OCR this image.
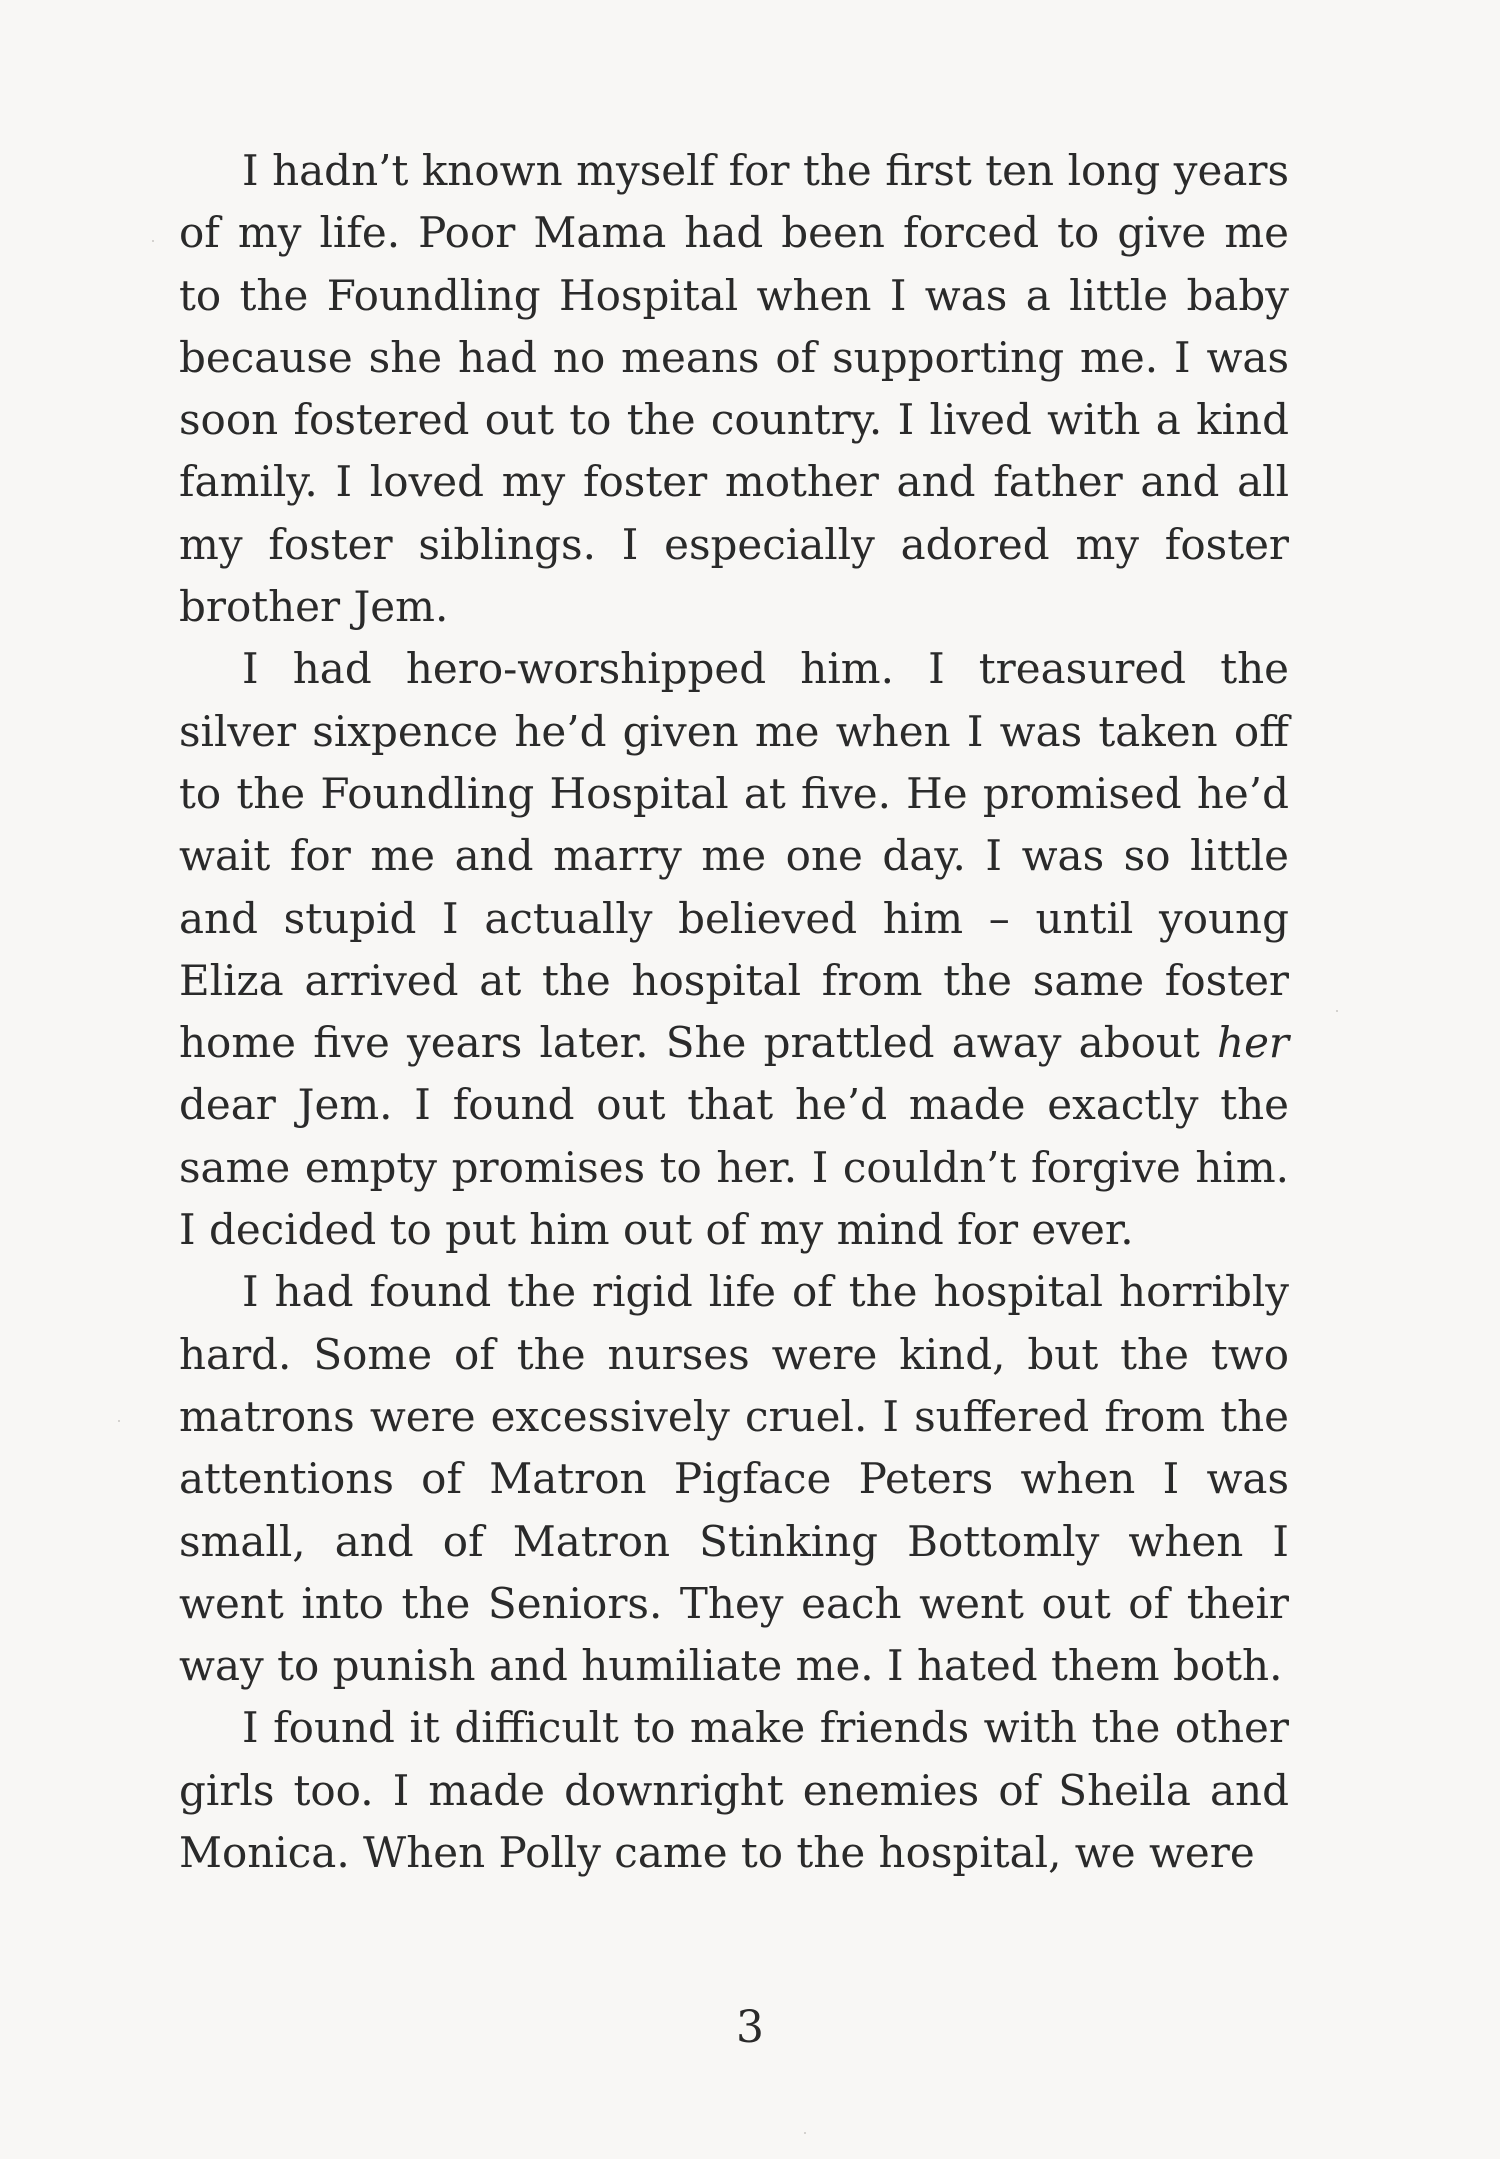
I hadn’t known myself for the first ten long years of my life. Poor Mama had been forced to give me to the Foundling Hospital when I was a little baby because she had no means of supporting me. I was soon fostered out to the country. I lived with a kind family. I loved my foster mother and father and all my foster siblings. I especially adored my foster brother Jem.

I had hero-worshipped him. I treasured the silver sixpence he’d given me when I was taken off to the Foundling Hospital at five. He promised he’d wait for me and marry me one day. I was so little and stupid I actually believed him – until young Eliza arrived at the hospital from the same foster home five years later. She prattled away about her dear Jem. I found out that he’d made exactly the same empty promises to her. I couldn’t forgive him. I decided to put him out of my mind for ever.

I had found the rigid life of the hospital horribly hard. Some of the nurses were kind, but the two matrons were excessively cruel. I suffered from the attentions of Matron Pigface Peters when I was small, and of Matron Stinking Bottomly when I went into the Seniors. They each went out of their way to punish and humiliate me. I hated them both.

I found it difficult to make friends with the other girls too. I made downright enemies of Sheila and Monica. When Polly came to the hospital, we were

3
